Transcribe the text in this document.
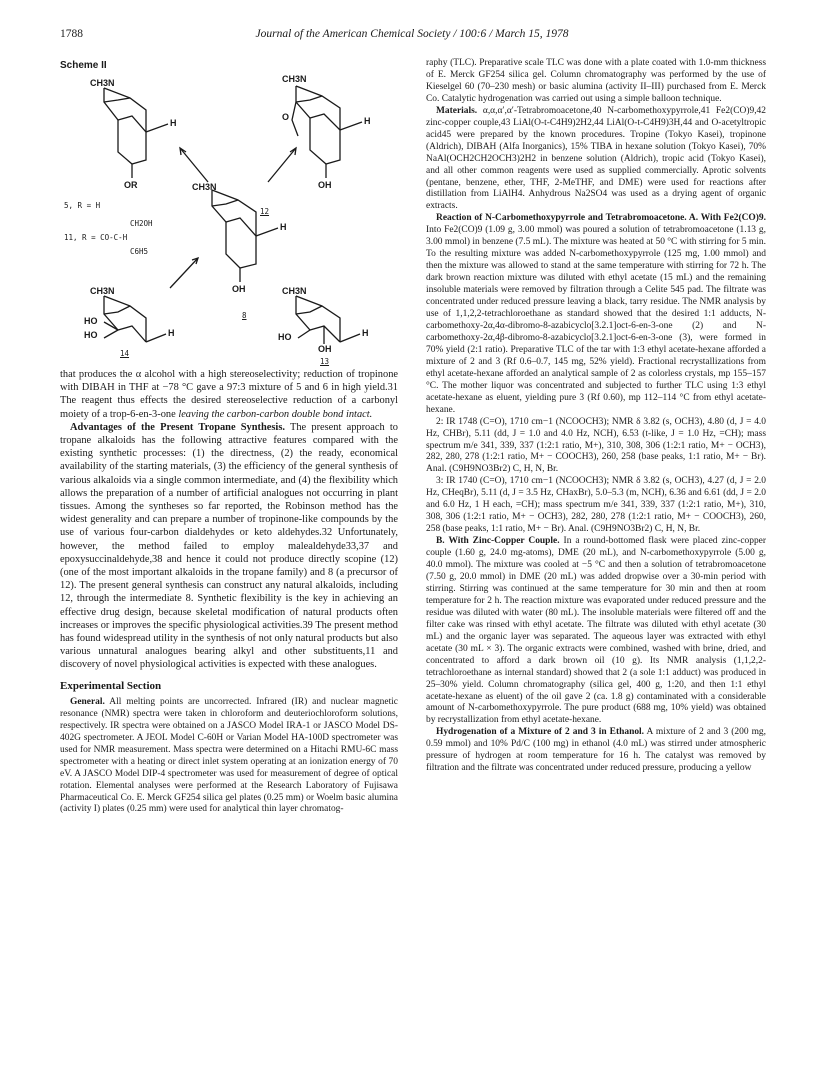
1788	Journal of the American Chemical Society / 100:6 / March 15, 1978
Scheme II
CH3N
H
OR
5, R = H
CH2OH
11, R = CO-C-H
C6H5
CH3N
O	H
OH
12
CH3N
H
OH
8
CH3N
HO
HO	H
14
CH3N
HO	H
OH
13

that produces the α alcohol with a high stereoselectivity; reduction of tropinone with DIBAH in THF at −78 °C gave a 97:3 mixture of 5 and 6 in high yield.31 The reagent thus effects the desired stereoselective reduction of a carbonyl moiety of a trop-6-en-3-one leaving the carbon-carbon double bond intact.

Advantages of the Present Tropane Synthesis. The present approach to tropane alkaloids has the following attractive features compared with the existing synthetic processes: (1) the directness, (2) the ready, economical availability of the starting materials, (3) the efficiency of the general synthesis of various alkaloids via a single common intermediate, and (4) the flexibility which allows the preparation of a number of artificial analogues not occurring in plant tissues. Among the syntheses so far reported, the Robinson method has the widest generality and can prepare a number of tropinone-like compounds by the use of various four-carbon dialdehydes or keto aldehydes.32 Unfortunately, however, the method failed to employ malealdehyde33,37 and epoxysuccinaldehyde,38 and hence it could not produce directly scopine (12) (one of the most important alkaloids in the tropane family) and 8 (a precursor of 12). The present general synthesis can construct any natural alkaloids, including 12, through the intermediate 8. Synthetic flexibility is the key in achieving an effective drug design, because skeletal modification of natural products often increases or improves the specific physiological activities.39 The present method has found widespread utility in the synthesis of not only natural products but also various unnatural analogues bearing alkyl and other substituents,11 and discovery of novel physiological activities is expected with these analogues.

Experimental Section

General. All melting points are uncorrected. Infrared (IR) and nuclear magnetic resonance (NMR) spectra were taken in chloroform and deuteriochloroform solutions, respectively. IR spectra were obtained on a JASCO Model IRA-1 or JASCO Model DS-402G spectrometer. A JEOL Model C-60H or Varian Model HA-100D spectrometer was used for NMR measurement. Mass spectra were determined on a Hitachi RMU-6C mass spectrometer with a heating or direct inlet system operating at an ionization energy of 70 eV. A JASCO Model DIP-4 spectrometer was used for measurement of degree of optical rotation. Elemental analyses were performed at the Research Laboratory of Fujisawa Pharmaceutical Co. E. Merck GF254 silica gel plates (0.25 mm) or Woelm basic alumina (activity I) plates (0.25 mm) were used for analytical thin layer chromatog-

raphy (TLC). Preparative scale TLC was done with a plate coated with 1.0-mm thickness of E. Merck GF254 silica gel. Column chromatography was performed by the use of Kieselgel 60 (70–230 mesh) or basic alumina (activity II–III) purchased from E. Merck Co. Catalytic hydrogenation was carried out using a simple balloon technique.

Materials. α,α,α′,α′-Tetrabromoacetone,40 N-carbomethoxypyrrole,41 Fe2(CO)9,42 zinc-copper couple,43 LiAl(O-t-C4H9)2H2,44 LiAl(O-t-C4H9)3H,44 and O-acetyltropic acid45 were prepared by the known procedures. Tropine (Tokyo Kasei), tropinone (Aldrich), DIBAH (Alfa Inorganics), 15% TIBA in hexane solution (Tokyo Kasei), 70% NaAl(OCH2CH2OCH3)2H2 in benzene solution (Aldrich), tropic acid (Tokyo Kasei), and all other common reagents were used as supplied commercially. Aprotic solvents (pentane, benzene, ether, THF, 2-MeTHF, and DME) were used for reactions after distillation from LiAlH4. Anhydrous Na2SO4 was used as a drying agent of organic extracts.

Reaction of N-Carbomethoxypyrrole and Tetrabromoacetone. A. With Fe2(CO)9. Into Fe2(CO)9 (1.09 g, 3.00 mmol) was poured a solution of tetrabromoacetone (1.13 g, 3.00 mmol) in benzene (7.5 mL). The mixture was heated at 50 °C with stirring for 5 min. To the resulting mixture was added N-carbomethoxypyrrole (125 mg, 1.00 mmol) and then the mixture was allowed to stand at the same temperature with stirring for 72 h. The dark brown reaction mixture was diluted with ethyl acetate (15 mL) and the remaining insoluble materials were removed by filtration through a Celite 545 pad. The filtrate was concentrated under reduced pressure leaving a black, tarry residue. The NMR analysis by use of 1,1,2,2-tetrachloroethane as standard showed that the desired 1:1 adducts, N-carbomethoxy-2α,4α-dibromo-8-azabicyclo[3.2.1]oct-6-en-3-one (2) and N-carbomethoxy-2α,4β-dibromo-8-azabicyclo[3.2.1]oct-6-en-3-one (3), were formed in 70% yield (2:1 ratio). Preparative TLC of the tar with 1:3 ethyl acetate-hexane afforded a mixture of 2 and 3 (Rf 0.6–0.7, 145 mg, 52% yield). Fractional recrystallizations from ethyl acetate-hexane afforded an analytical sample of 2 as colorless crystals, mp 155–157 °C. The mother liquor was concentrated and subjected to further TLC using 1:3 ethyl acetate-hexane as eluent, yielding pure 3 (Rf 0.60), mp 112–114 °C from ethyl acetate-hexane.

2: IR 1748 (C=O), 1710 cm−1 (NCOOCH3); NMR δ 3.82 (s, OCH3), 4.80 (d, J = 4.0 Hz, CHBr), 5.11 (dd, J = 1.0 and 4.0 Hz, NCH), 6.53 (t-like, J = 1.0 Hz, =CH); mass spectrum m/e 341, 339, 337 (1:2:1 ratio, M+), 310, 308, 306 (1:2:1 ratio, M+ − OCH3), 282, 280, 278 (1:2:1 ratio, M+ − COOCH3), 260, 258 (base peaks, 1:1 ratio, M+ − Br). Anal. (C9H9NO3Br2) C, H, N, Br.

3: IR 1740 (C=O), 1710 cm−1 (NCOOCH3); NMR δ 3.82 (s, OCH3), 4.27 (d, J = 2.0 Hz, CHeqBr), 5.11 (d, J = 3.5 Hz, CHaxBr), 5.0–5.3 (m, NCH), 6.36 and 6.61 (dd, J = 2.0 and 6.0 Hz, 1 H each, =CH); mass spectrum m/e 341, 339, 337 (1:2:1 ratio, M+), 310, 308, 306 (1:2:1 ratio, M+ − OCH3), 282, 280, 278 (1:2:1 ratio, M+ − COOCH3), 260, 258 (base peaks, 1:1 ratio, M+ − Br). Anal. (C9H9NO3Br2) C, H, N, Br.

B. With Zinc-Copper Couple. In a round-bottomed flask were placed zinc-copper couple (1.60 g, 24.0 mg-atoms), DME (20 mL), and N-carbomethoxypyrrole (5.00 g, 40.0 mmol). The mixture was cooled at −5 °C and then a solution of tetrabromoacetone (7.50 g, 20.0 mmol) in DME (20 mL) was added dropwise over a 30-min period with stirring. Stirring was continued at the same temperature for 30 min and then at room temperature for 2 h. The reaction mixture was evaporated under reduced pressure and the residue was diluted with water (80 mL). The insoluble materials were filtered off and the filter cake was rinsed with ethyl acetate. The filtrate was diluted with ethyl acetate (30 mL) and the organic layer was separated. The aqueous layer was extracted with ethyl acetate (30 mL × 3). The organic extracts were combined, washed with brine, dried, and concentrated to afford a dark brown oil (10 g). Its NMR analysis (1,1,2,2-tetrachloroethane as internal standard) showed that 2 (a sole 1:1 adduct) was produced in 25–30% yield. Column chromatography (silica gel, 400 g, 1:20, and then 1:1 ethyl acetate-hexane as eluent) of the oil gave 2 (ca. 1.8 g) contaminated with a considerable amount of N-carbomethoxypyrrole. The pure product (688 mg, 10% yield) was obtained by recrystallization from ethyl acetate-hexane.

Hydrogenation of a Mixture of 2 and 3 in Ethanol. A mixture of 2 and 3 (200 mg, 0.59 mmol) and 10% Pd/C (100 mg) in ethanol (4.0 mL) was stirred under atmospheric pressure of hydrogen at room temperature for 16 h. The catalyst was removed by filtration and the filtrate was concentrated under reduced pressure, producing a yellow
